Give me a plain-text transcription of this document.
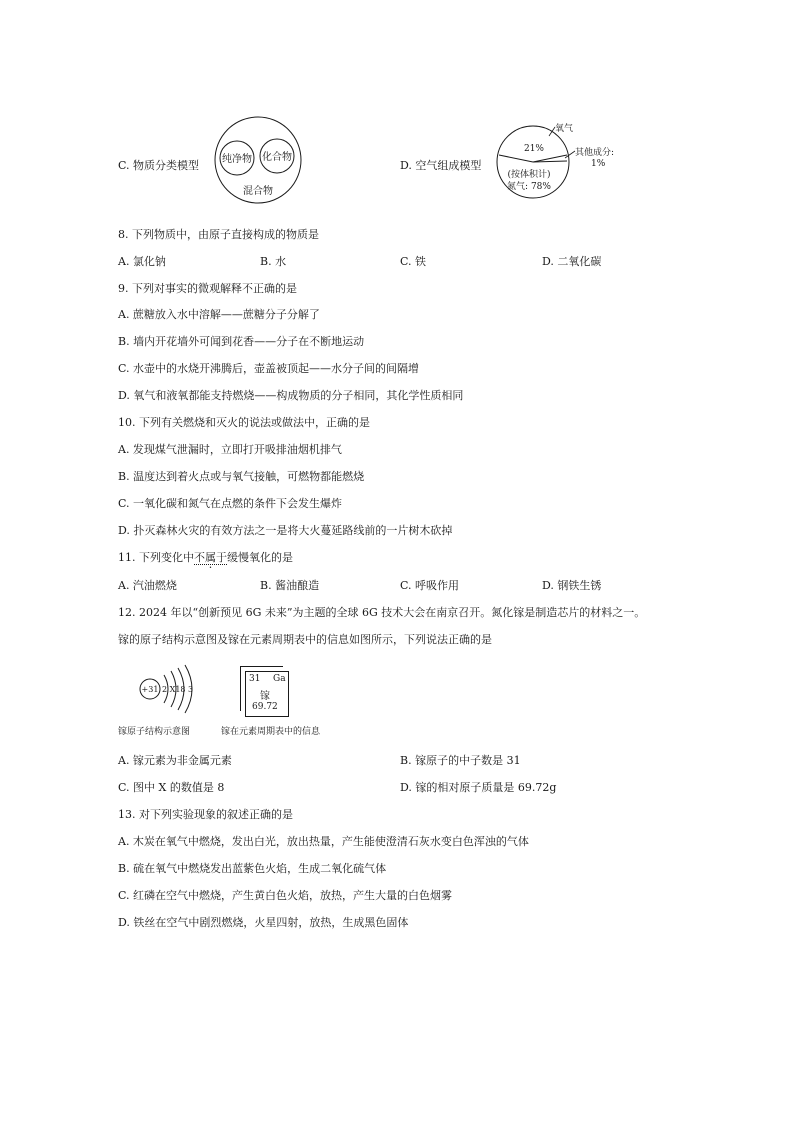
C. 物质分类模型 纯净物 化合物
混合物
D. 空气组成模型
氧气
21%	其他成分:
1%
(按体积计)
氮气: 78%
8. 下列物质中，由原子直接构成的物质是
A. 氯化钠	B. 水	C. 铁	D. 二氧化碳
9. 下列对事实的微观解释不正确的是
A. 蔗糖放入水中溶解——蔗糖分子分解了
B. 墙内开花墙外可闻到花香——分子在不断地运动
C. 水壶中的水烧开沸腾后，壶盖被顶起——水分子间的间隔增
D. 氧气和液氧都能支持燃烧——构成物质的分子相同，其化学性质相同
10. 下列有关燃烧和灭火的说法或做法中，正确的是
A. 发现煤气泄漏时，立即打开吸排油烟机排气
B. 温度达到着火点或与氧气接触，可燃物都能燃烧
C. 一氧化碳和氮气在点燃的条件下会发生爆炸
D. 扑灭森林火灾的有效方法之一是将大火蔓延路线前的一片树木砍掉
11. 下列变化中不属于缓慢氧化的是
A. 汽油燃烧	B. 酱油酿造	C. 呼吸作用	D. 钢铁生锈
12. 2024 年以“创新预见 6G 未来”为主题的全球 6G 技术大会在南京召开。氮化镓是制造芯片的材料之一。
镓的原子结构示意图及镓在元素周期表中的信息如图所示，下列说法正确的是
+31 2 X18 3
镓原子结构示意图
31 Ga
镓
69.72
镓在元素周期表中的信息
A. 镓元素为非金属元素	B. 镓原子的中子数是 31
C. 图中 X 的数值是 8	D. 镓的相对原子质量是 69.72g
13. 对下列实验现象的叙述正确的是
A. 木炭在氧气中燃烧，发出白光，放出热量，产生能使澄清石灰水变白色浑浊的气体
B. 硫在氧气中燃烧发出蓝紫色火焰，生成二氧化硫气体
C. 红磷在空气中燃烧，产生黄白色火焰，放热，产生大量的白色烟雾
D. 铁丝在空气中剧烈燃烧，火星四射，放热，生成黑色固体
